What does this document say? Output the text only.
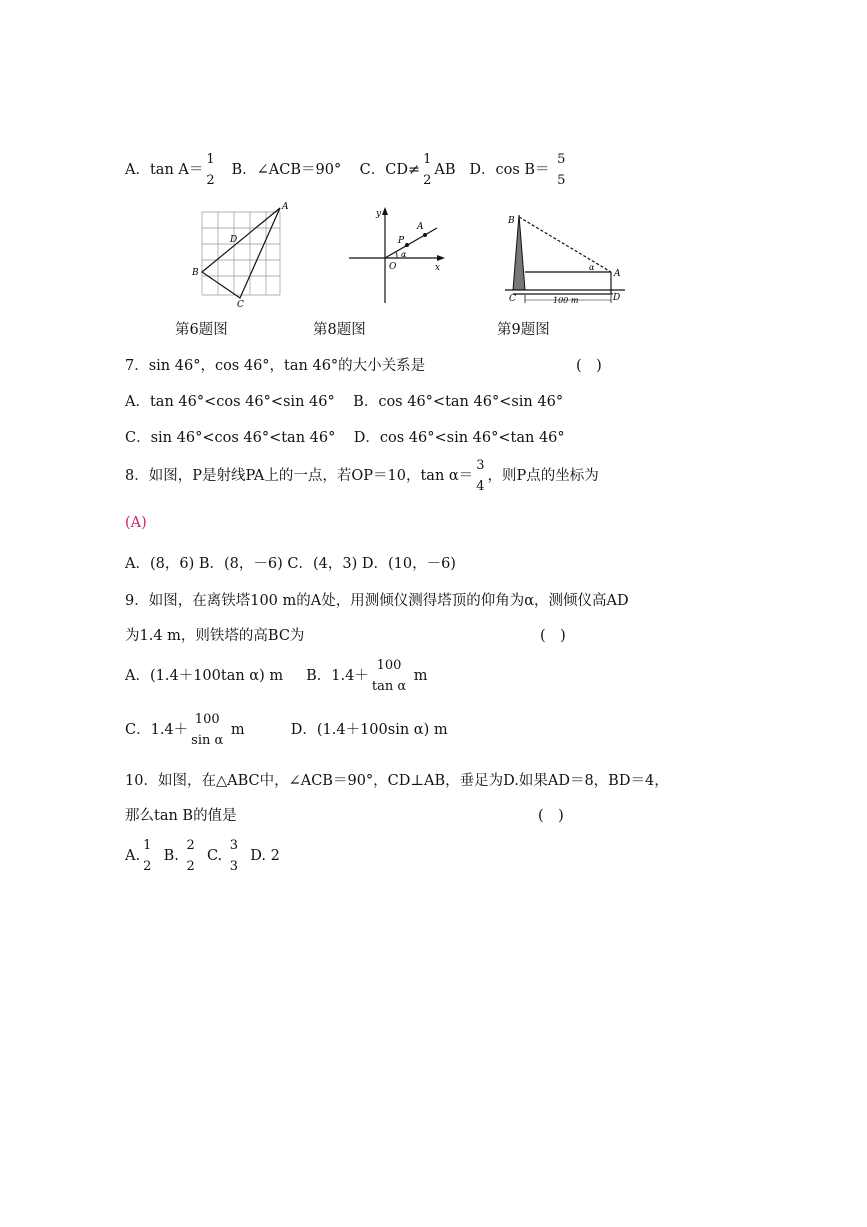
A．tan A＝
1
2
B．∠ACB＝90° C．CD≠
1
2
AB D．cos B＝
5
5
A
B
C
D
第6题图
y
x
O
P
A
α
第8题图
B
C
A
D
α
100 m
第9题图
7．sin 46°，cos 46°，tan 46°的大小关系是	(　)
A．tan 46°<cos 46°<sin 46° B．cos 46°<tan 46°<sin 46°
C．sin 46°<cos 46°<tan 46° D．cos 46°<sin 46°<tan 46°
8．如图，P是射线PA上的一点，若OP＝10，tan α＝
3
4
，则P点的坐标为
(A)
A．(8，6) B．(8，－6) C．(4，3) D．(10，－6)
9．如图，在离铁塔100 m的A处，用测倾仪测得塔顶的仰角为α，测倾仪高AD
为1.4 m，则铁塔的高BC为	(　)
A．(1.4＋100tan α) m B．1.4＋
100
tan α
m
C．1.4＋
100
sin α
m	D．(1.4＋100sin α) m
10．如图，在△ABC中，∠ACB＝90°，CD⊥AB，垂足为D.如果AD＝8，BD＝4，
那么tan B的值是	(　)
A.
1
2
B.
2
2
C.
3
3
D. 2
